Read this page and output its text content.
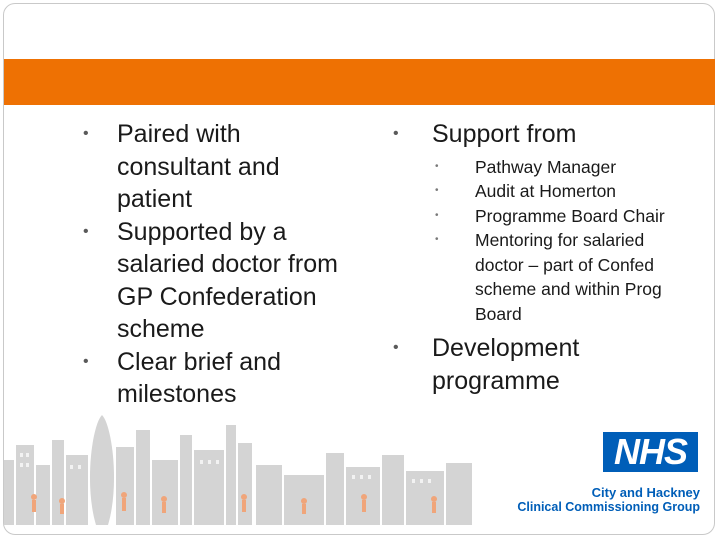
• Paired with consultant and patient
• Supported by a salaried doctor from GP Confederation scheme
• Clear brief and milestones
• Support from
• Pathway Manager
• Audit at Homerton
• Programme Board Chair
• Mentoring for salaried doctor – part of Confed scheme and within Prog Board
• Development programme
NHS
City and Hackney
Clinical Commissioning Group
